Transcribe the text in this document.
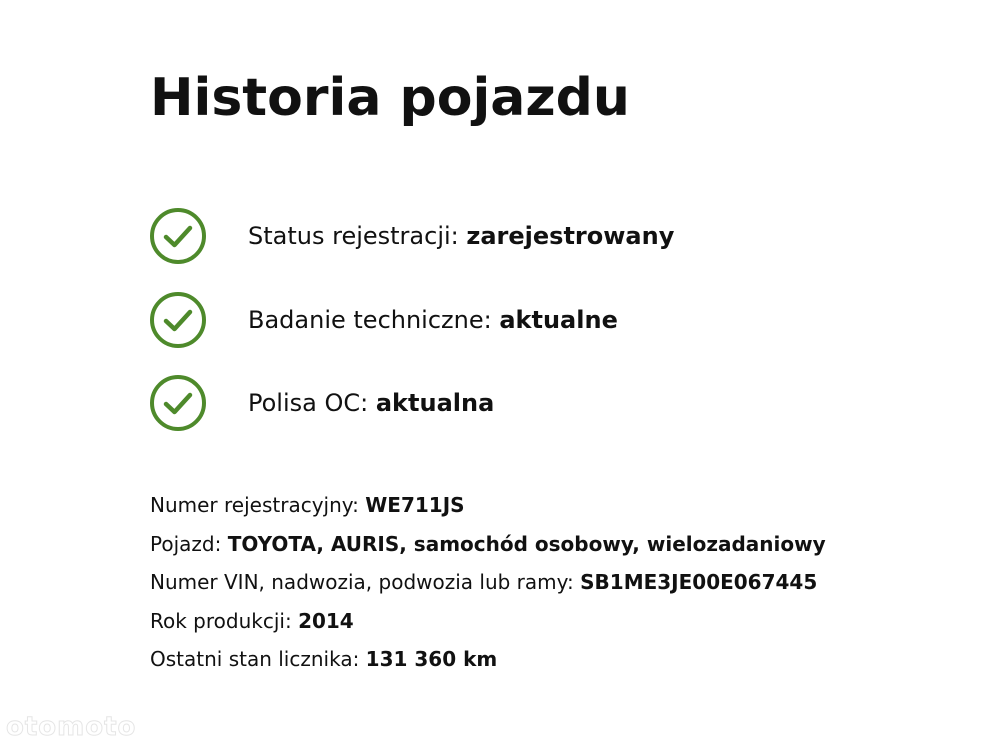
Historia pojazdu
Status rejestracji: zarejestrowany
Badanie techniczne: aktualne
Polisa OC: aktualna
Numer rejestracyjny: WE711JS
Pojazd: TOYOTA, AURIS, samochód osobowy, wielozadaniowy
Numer VIN, nadwozia, podwozia lub ramy: SB1ME3JE00E067445
Rok produkcji: 2014
Ostatni stan licznika: 131 360 km
otomoto
